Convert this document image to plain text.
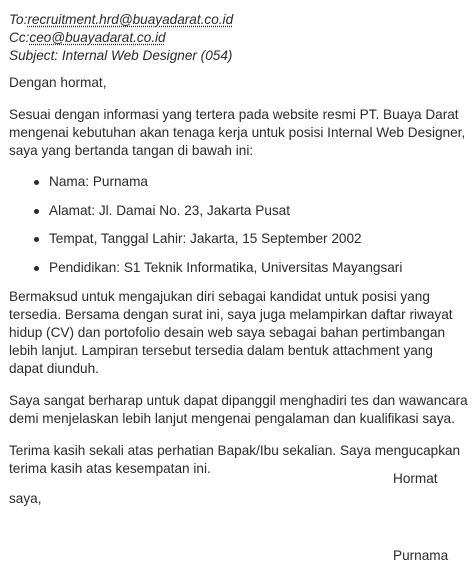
To:recruitment.hrd@buayadarat.co.id

Cc:ceo@buayadarat.co.id

Subject: Internal Web Designer (054)

Dengan hormat,

Sesuai dengan informasi yang tertera pada website resmi PT. Buaya Darat mengenai kebutuhan akan tenaga kerja untuk posisi Internal Web Designer, saya yang bertanda tangan di bawah ini:

Nama: Purnama
Alamat: Jl. Damai No. 23, Jakarta Pusat
Tempat, Tanggal Lahir: Jakarta, 15 September 2002
Pendidikan: S1 Teknik Informatika, Universitas Mayangsari

Bermaksud untuk mengajukan diri sebagai kandidat untuk posisi yang tersedia. Bersama dengan surat ini, saya juga melampirkan daftar riwayat hidup (CV) dan portofolio desain web saya sebagai bahan pertimbangan lebih lanjut. Lampiran tersebut tersedia dalam bentuk attachment yang dapat diunduh.

Saya sangat berharap untuk dapat dipanggil menghadiri tes dan wawancara demi menjelaskan lebih lanjut mengenai pengalaman dan kualifikasi saya.

Terima kasih sekali atas perhatian Bapak/Ibu sekalian. Saya mengucapkan terima kasih atas kesempatan ini.

Hormat
saya,
Purnama
